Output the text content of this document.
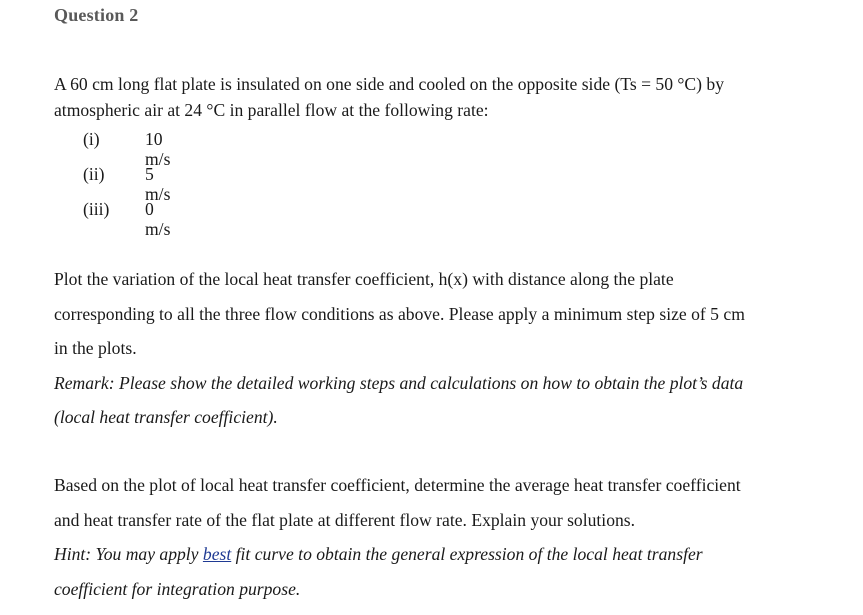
Question 2

A 60 cm long flat plate is insulated on one side and cooled on the opposite side (Ts = 50 °C) by
atmospheric air at 24 °C in parallel flow at the following rate:

(i)	10 m/s
(ii) 5 m/s
(iii) 0 m/s

Plot the variation of the local heat transfer coefficient, h(x) with distance along the plate
corresponding to all the three flow conditions as above. Please apply a minimum step size of 5 cm
in the plots.
Remark: Please show the detailed working steps and calculations on how to obtain the plot’s data
(local heat transfer coefficient).

Based on the plot of local heat transfer coefficient, determine the average heat transfer coefficient
and heat transfer rate of the flat plate at different flow rate. Explain your solutions.
Hint: You may apply best fit curve to obtain the general expression of the local heat transfer
coefficient for integration purpose.
